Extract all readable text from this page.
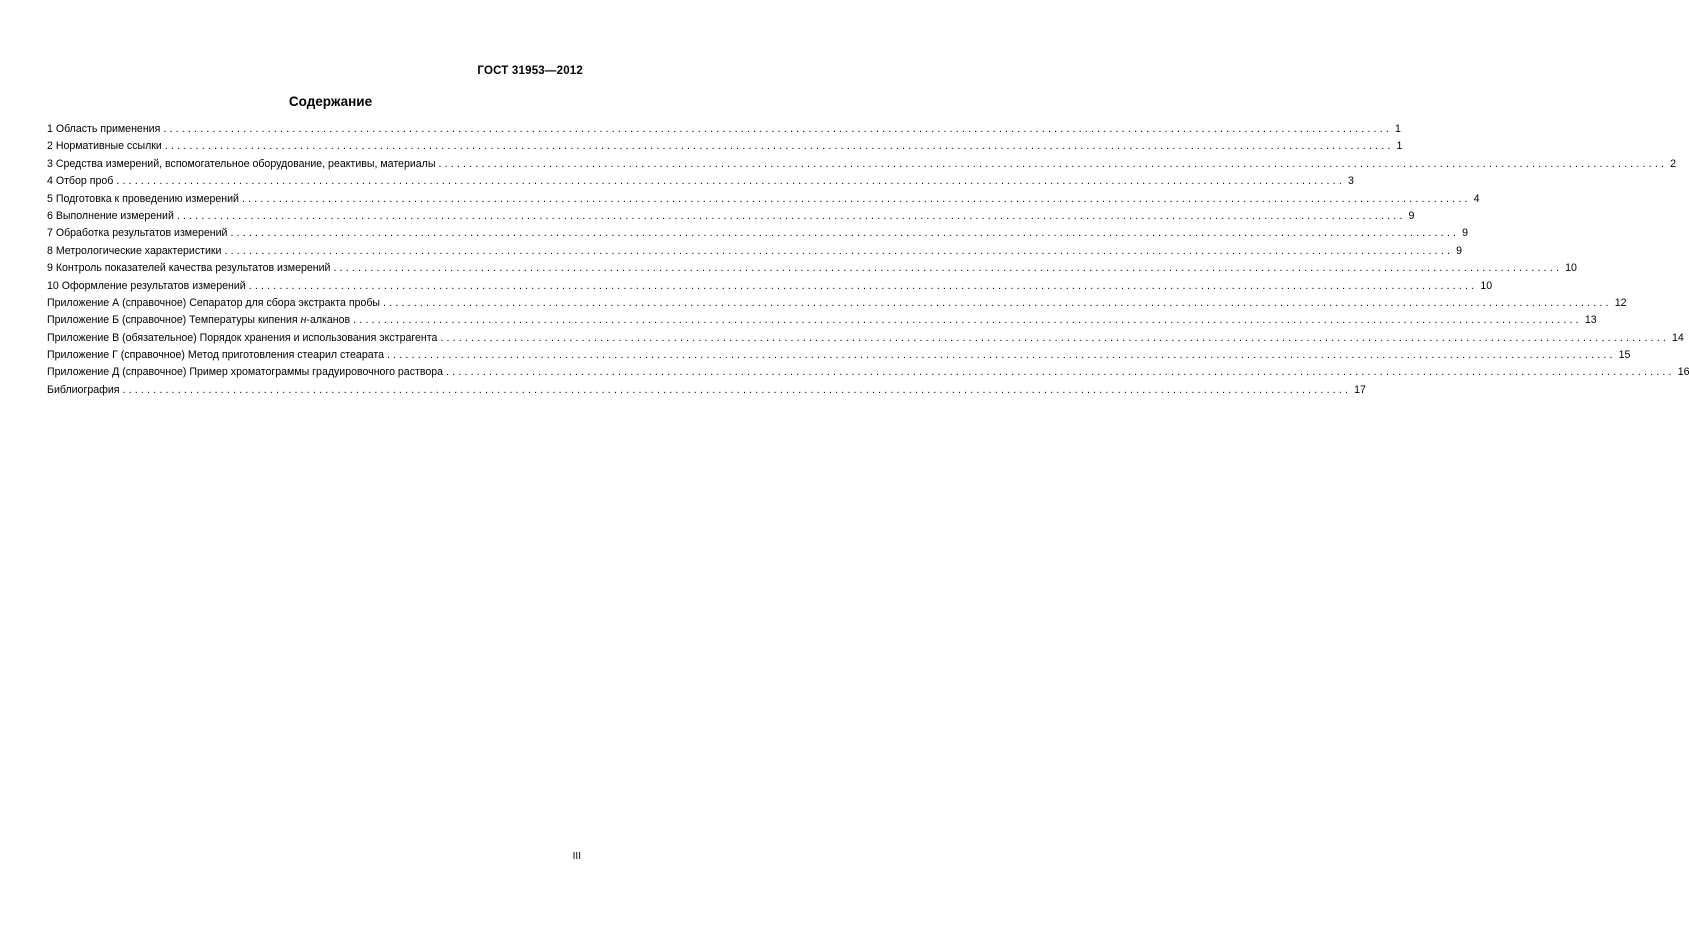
ГОСТ 31953—2012
Содержание
1 Область применения ........................................................................................................................................................................................................ 1
2 Нормативные ссылки ........................................................................................................................................................................................................ 1
3 Средства измерений, вспомогательное оборудование, реактивы, материалы ........................................................................................................................................................................................................ 2
4 Отбор проб ........................................................................................................................................................................................................ 3
5 Подготовка к проведению измерений ........................................................................................................................................................................................................ 4
6 Выполнение измерений ........................................................................................................................................................................................................ 9
7 Обработка результатов измерений ........................................................................................................................................................................................................ 9
8 Метрологические характеристики ........................................................................................................................................................................................................ 9
9 Контроль показателей качества результатов измерений ........................................................................................................................................................................................................ 10
10 Оформление результатов измерений ........................................................................................................................................................................................................ 10
Приложение А (справочное) Сепаратор для сбора экстракта пробы ........................................................................................................................................................................................................ 12
Приложение Б (справочное) Температуры кипения н-алканов ........................................................................................................................................................................................................ 13
Приложение В (обязательное) Порядок хранения и использования экстрагента ........................................................................................................................................................................................................ 14
Приложение Г (справочное) Метод приготовления стеарил стеарата ........................................................................................................................................................................................................ 15
Приложение Д (справочное) Пример хроматограммы градуировочного раствора ........................................................................................................................................................................................................ 16
Библиография ........................................................................................................................................................................................................ 17
III
